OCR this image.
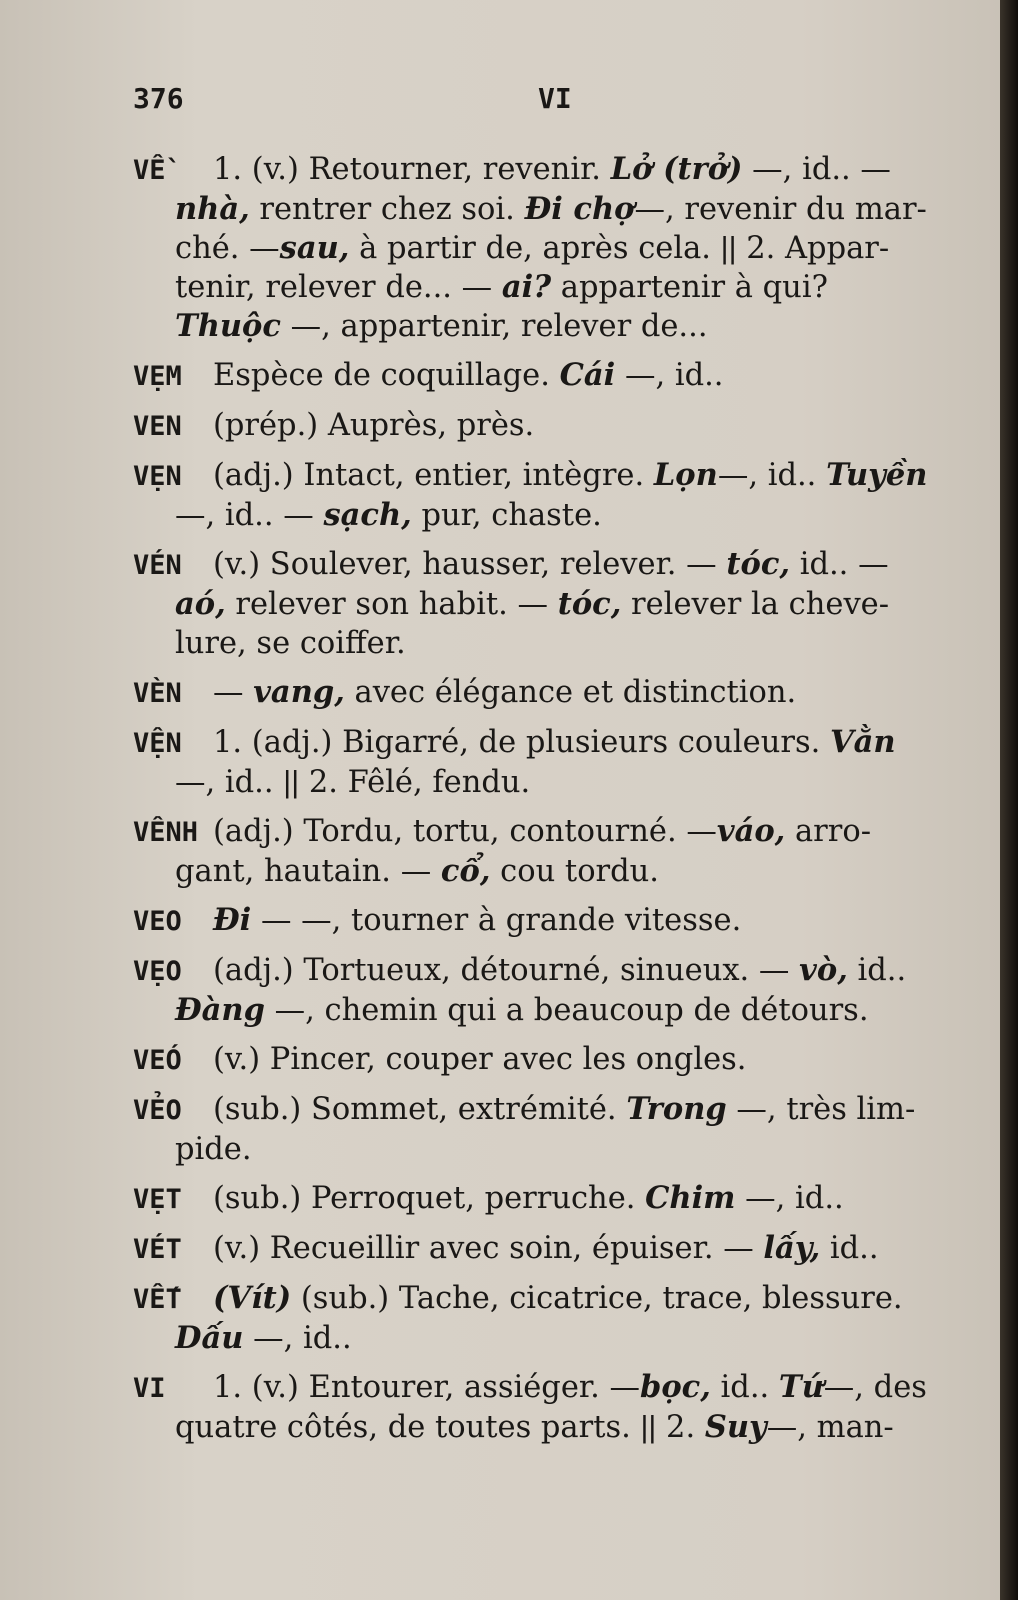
376	VI
VỀ 1. (v.) Retourner, revenir. Lở (trở) —, id.. —
nhà, rentrer chez soi. Đi chợ—, revenir du mar-
ché. —sau, à partir de, après cela. || 2. Appar-
tenir, relever de... — ai? appartenir à qui?
Thuộc —, appartenir, relever de...
VẸM Espèce de coquillage. Cái —, id..
VEN (prép.) Auprès, près.
VẸN (adj.) Intact, entier, intègre. Lọn—, id.. Tuyền
—, id.. — sạch, pur, chaste.
VÉN (v.) Soulever, hausser, relever. — tóc, id.. —
aó, relever son habit. — tóc, relever la cheve-
lure, se coiffer.
VÈN — vang, avec élégance et distinction.
VỆN 1. (adj.) Bigarré, de plusieurs couleurs. Vằn
—, id.. || 2. Fêlé, fendu.
VÊNH (adj.) Tordu, tortu, contourné. —váo, arro-
gant, hautain. — cổ, cou tordu.
VEO Đi — —, tourner à grande vitesse.
VẸO (adj.) Tortueux, détourné, sinueux. — vò, id..
Đàng —, chemin qui a beaucoup de détours.
VEÓ (v.) Pincer, couper avec les ongles.
VẺO (sub.) Sommet, extrémité. Trong —, très lim-
pide.
VẸT (sub.) Perroquet, perruche. Chim —, id..
VÉT (v.) Recueillir avec soin, épuiser. — lấy, id..
VẾT (Vít) (sub.) Tache, cicatrice, trace, blessure.
Dấu —, id..
VI 1. (v.) Entourer, assiéger. —bọc, id.. Tứ—, des
quatre côtés, de toutes parts. || 2. Suy—, man-
